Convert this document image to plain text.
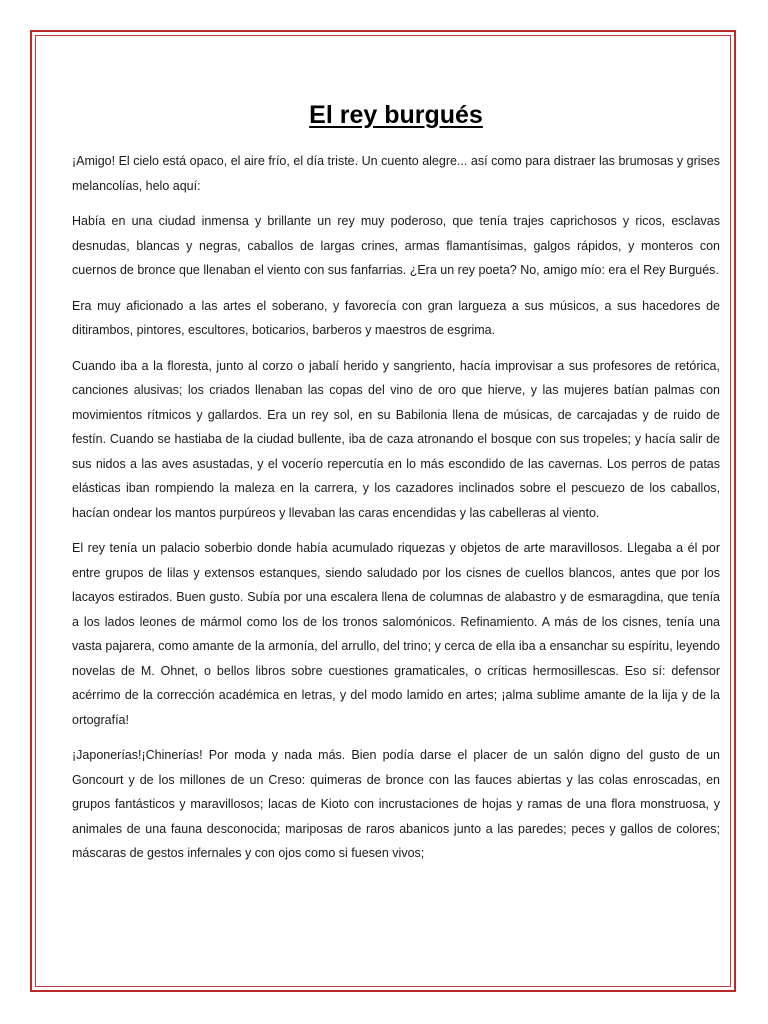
El rey burgués

¡Amigo! El cielo está opaco, el aire frío, el día triste. Un cuento alegre... así como para distraer las brumosas y grises melancolías, helo aquí:

Había en una ciudad inmensa y brillante un rey muy poderoso, que tenía trajes caprichosos y ricos, esclavas desnudas, blancas y negras, caballos de largas crines, armas flamantísimas, galgos rápidos, y monteros con cuernos de bronce que llenaban el viento con sus fanfarrias. ¿Era un rey poeta? No, amigo mío: era el Rey Burgués.

Era muy aficionado a las artes el soberano, y favorecía con gran largueza a sus músicos, a sus hacedores de ditirambos, pintores, escultores, boticarios, barberos y maestros de esgrima.

Cuando iba a la floresta, junto al corzo o jabalí herido y sangriento, hacía improvisar a sus profesores de retórica, canciones alusivas; los criados llenaban las copas del vino de oro que hierve, y las mujeres batían palmas con movimientos rítmicos y gallardos. Era un rey sol, en su Babilonia llena de músicas, de carcajadas y de ruido de festín. Cuando se hastiaba de la ciudad bullente, iba de caza atronando el bosque con sus tropeles; y hacía salir de sus nidos a las aves asustadas, y el vocerío repercutía en lo más escondido de las cavernas. Los perros de patas elásticas iban rompiendo la maleza en la carrera, y los cazadores inclinados sobre el pescuezo de los caballos, hacían ondear los mantos purpúreos y llevaban las caras encendidas y las cabelleras al viento.

El rey tenía un palacio soberbio donde había acumulado riquezas y objetos de arte maravillosos. Llegaba a él por entre grupos de lilas y extensos estanques, siendo saludado por los cisnes de cuellos blancos, antes que por los lacayos estirados. Buen gusto. Subía por una escalera llena de columnas de alabastro y de esmaragdina, que tenía a los lados leones de mármol como los de los tronos salomónicos. Refinamiento. A más de los cisnes, tenía una vasta pajarera, como amante de la armonía, del arrullo, del trino; y cerca de ella iba a ensanchar su espíritu, leyendo novelas de M. Ohnet, o bellos libros sobre cuestiones gramaticales, o críticas hermosillescas. Eso sí: defensor acérrimo de la corrección académica en letras, y del modo lamido en artes; ¡alma sublime amante de la lija y de la ortografía!

¡Japonerías!¡Chinerías! Por moda y nada más. Bien podía darse el placer de un salón digno del gusto de un Goncourt y de los millones de un Creso: quimeras de bronce con las fauces abiertas y las colas enroscadas, en grupos fantásticos y maravillosos; lacas de Kioto con incrustaciones de hojas y ramas de una flora monstruosa, y animales de una fauna desconocida; mariposas de raros abanicos junto a las paredes; peces y gallos de colores; máscaras de gestos infernales y con ojos como si fuesen vivos;
